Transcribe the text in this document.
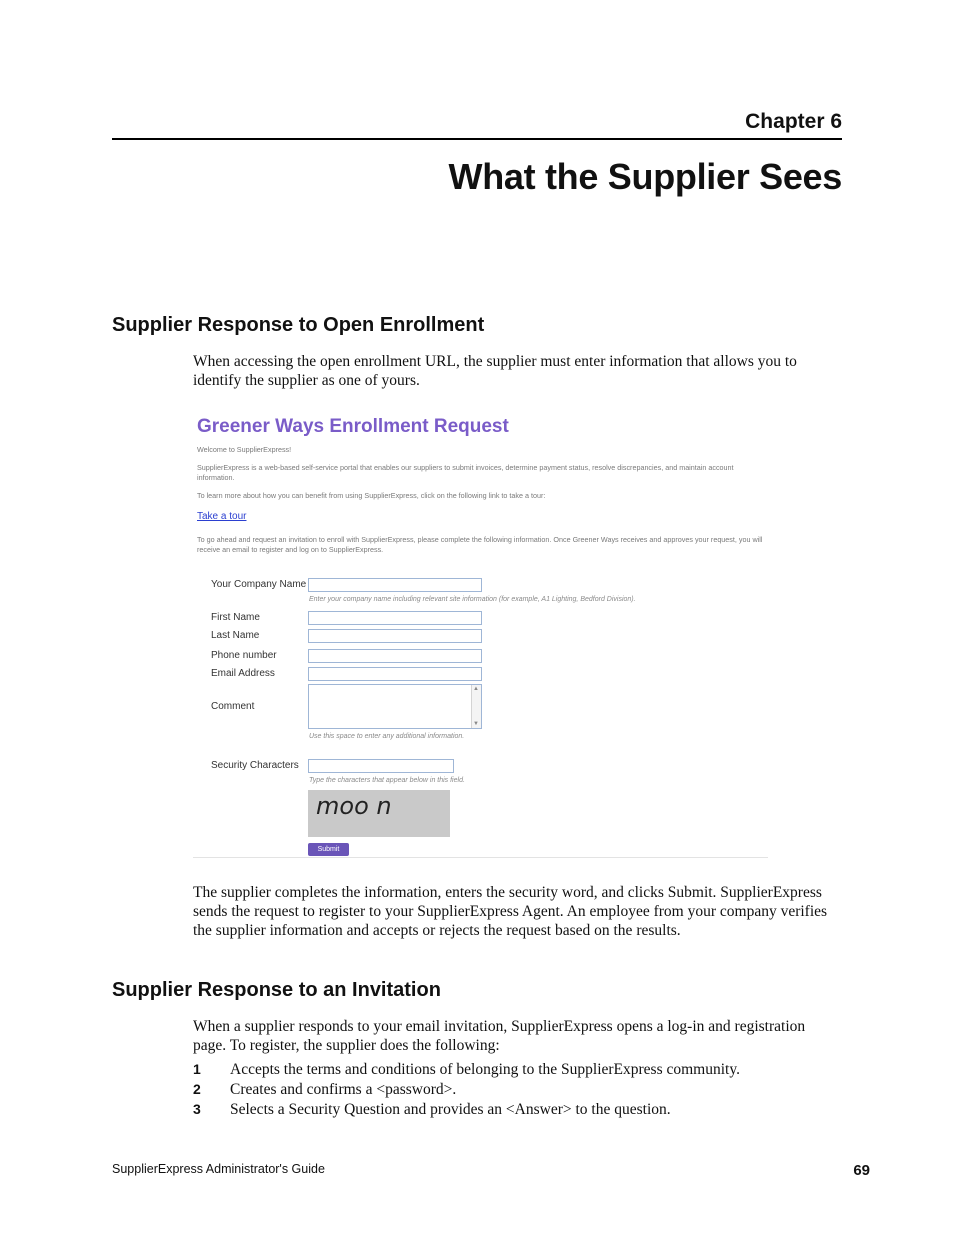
Chapter 6
What the Supplier Sees
Supplier Response to Open Enrollment
When accessing the open enrollment URL, the supplier must enter information that allows you to identify the supplier as one of yours.
Greener Ways Enrollment Request
Welcome to SupplierExpress!
SupplierExpress is a web-based self-service portal that enables our suppliers to submit invoices, determine payment status, resolve discrepancies, and maintain account information.
To learn more about how you can benefit from using SupplierExpress, click on the following link to take a tour:
Take a tour
To go ahead and request an invitation to enroll with SupplierExpress, please complete the following information. Once Greener Ways receives and approves your request, you will receive an email to register and log on to SupplierExpress.
Your Company Name
Enter your company name including relevant site information (for example, A1 Lighting, Bedford Division).
First Name
Last Name
Phone number
Email Address
Comment
▲
▼
Use this space to enter any additional information.
Security Characters
Type the characters that appear below in this field.
moo n
Submit
The supplier completes the information, enters the security word, and clicks Submit. SupplierExpress sends the request to register to your SupplierExpress Agent. An employee from your company verifies the supplier information and accepts or rejects the request based on the results.
Supplier Response to an Invitation
When a supplier responds to your email invitation, SupplierExpress opens a log-in and registration page. To register, the supplier does the following:
1	Accepts the terms and conditions of belonging to the SupplierExpress community.
2	Creates and confirms a <password>.
3	Selects a Security Question and provides an <Answer> to the question.
SupplierExpress Administrator's Guide	69
